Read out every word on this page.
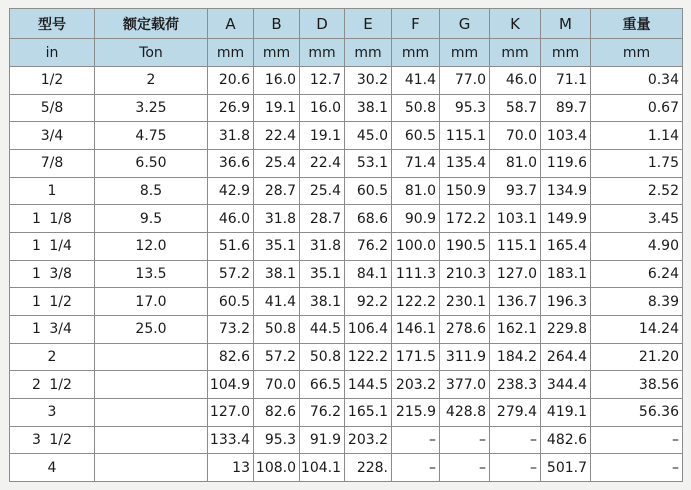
型号	额定载荷	A	B	D	E	F	G	K	M	重量
in	Ton	mm	mm	mm	mm	mm	mm	mm	mm	mm
1/2	2	20.6	16.0	12.7	30.2	41.4	77.0	46.0	71.1	0.34
5/8	3.25	26.9	19.1	16.0	38.1	50.8	95.3	58.7	89.7	0.67
3/4	4.75	31.8	22.4	19.1	45.0	60.5	115.1	70.0	103.4	1.14
7/8	6.50	36.6	25.4	22.4	53.1	71.4	135.4	81.0	119.6	1.75
1	8.5	42.9	28.7	25.4	60.5	81.0	150.9	93.7	134.9	2.52
1 1/8	9.5	46.0	31.8	28.7	68.6	90.9	172.2	103.1	149.9	3.45
1 1/4	12.0	51.6	35.1	31.8	76.2	100.0	190.5	115.1	165.4	4.90
1 3/8	13.5	57.2	38.1	35.1	84.1	111.3	210.3	127.0	183.1	6.24
1 1/2	17.0	60.5	41.4	38.1	92.2	122.2	230.1	136.7	196.3	8.39
1 3/4	25.0	73.2	50.8	44.5	106.4	146.1	278.6	162.1	229.8	14.24
2		82.6	57.2	50.8	122.2	171.5	311.9	184.2	264.4	21.20
2 1/2		104.9	70.0	66.5	144.5	203.2	377.0	238.3	344.4	38.56
3		127.0	82.6	76.2	165.1	215.9	428.8	279.4	419.1	56.36
3 1/2		133.4	95.3	91.9	203.2	–	–	–	482.6	–
4		13	108.0	104.1	228.	–	–	–	501.7	–
